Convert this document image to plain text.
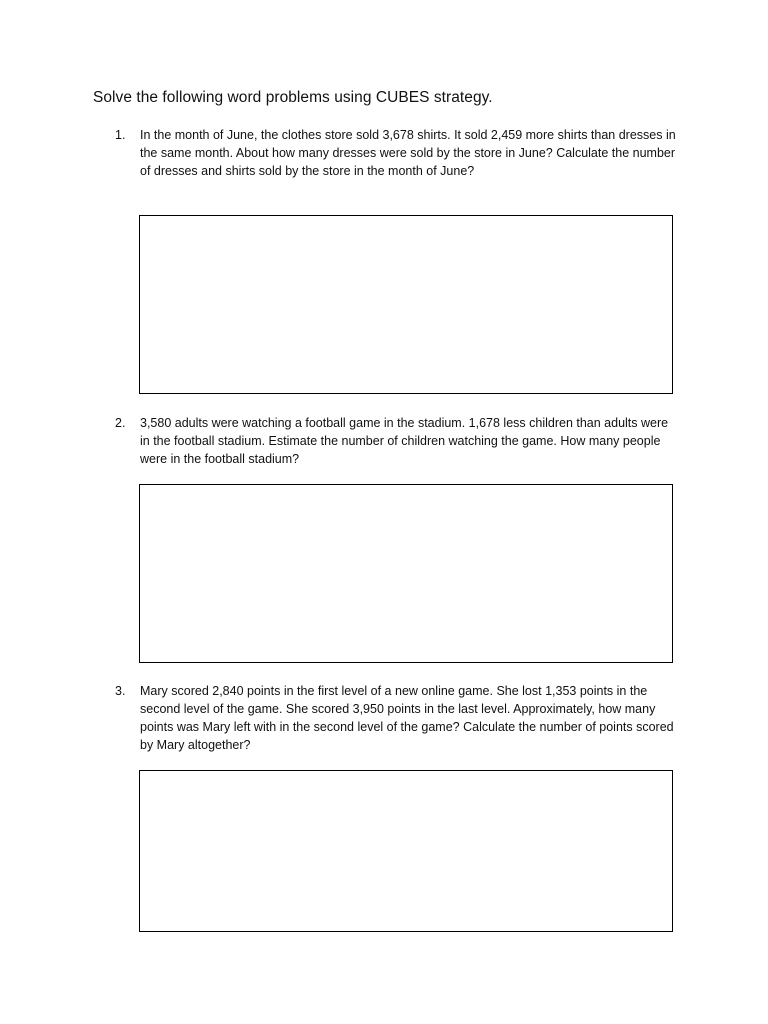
Solve the following word problems using CUBES strategy.
1.	In the month of June, the clothes store sold 3,678 shirts. It sold 2,459 more shirts than dresses in the same month. About how many dresses were sold by the store in June? Calculate the number of dresses and shirts sold by the store in the month of June?
2.	3,580 adults were watching a football game in the stadium. 1,678 less children than adults were in the football stadium. Estimate the number of children watching the game. How many people were in the football stadium?
3.	Mary scored 2,840 points in the first level of a new online game. She lost 1,353 points in the second level of the game. She scored 3,950 points in the last level. Approximately, how many points was Mary left with in the second level of the game? Calculate the number of points scored by Mary altogether?
